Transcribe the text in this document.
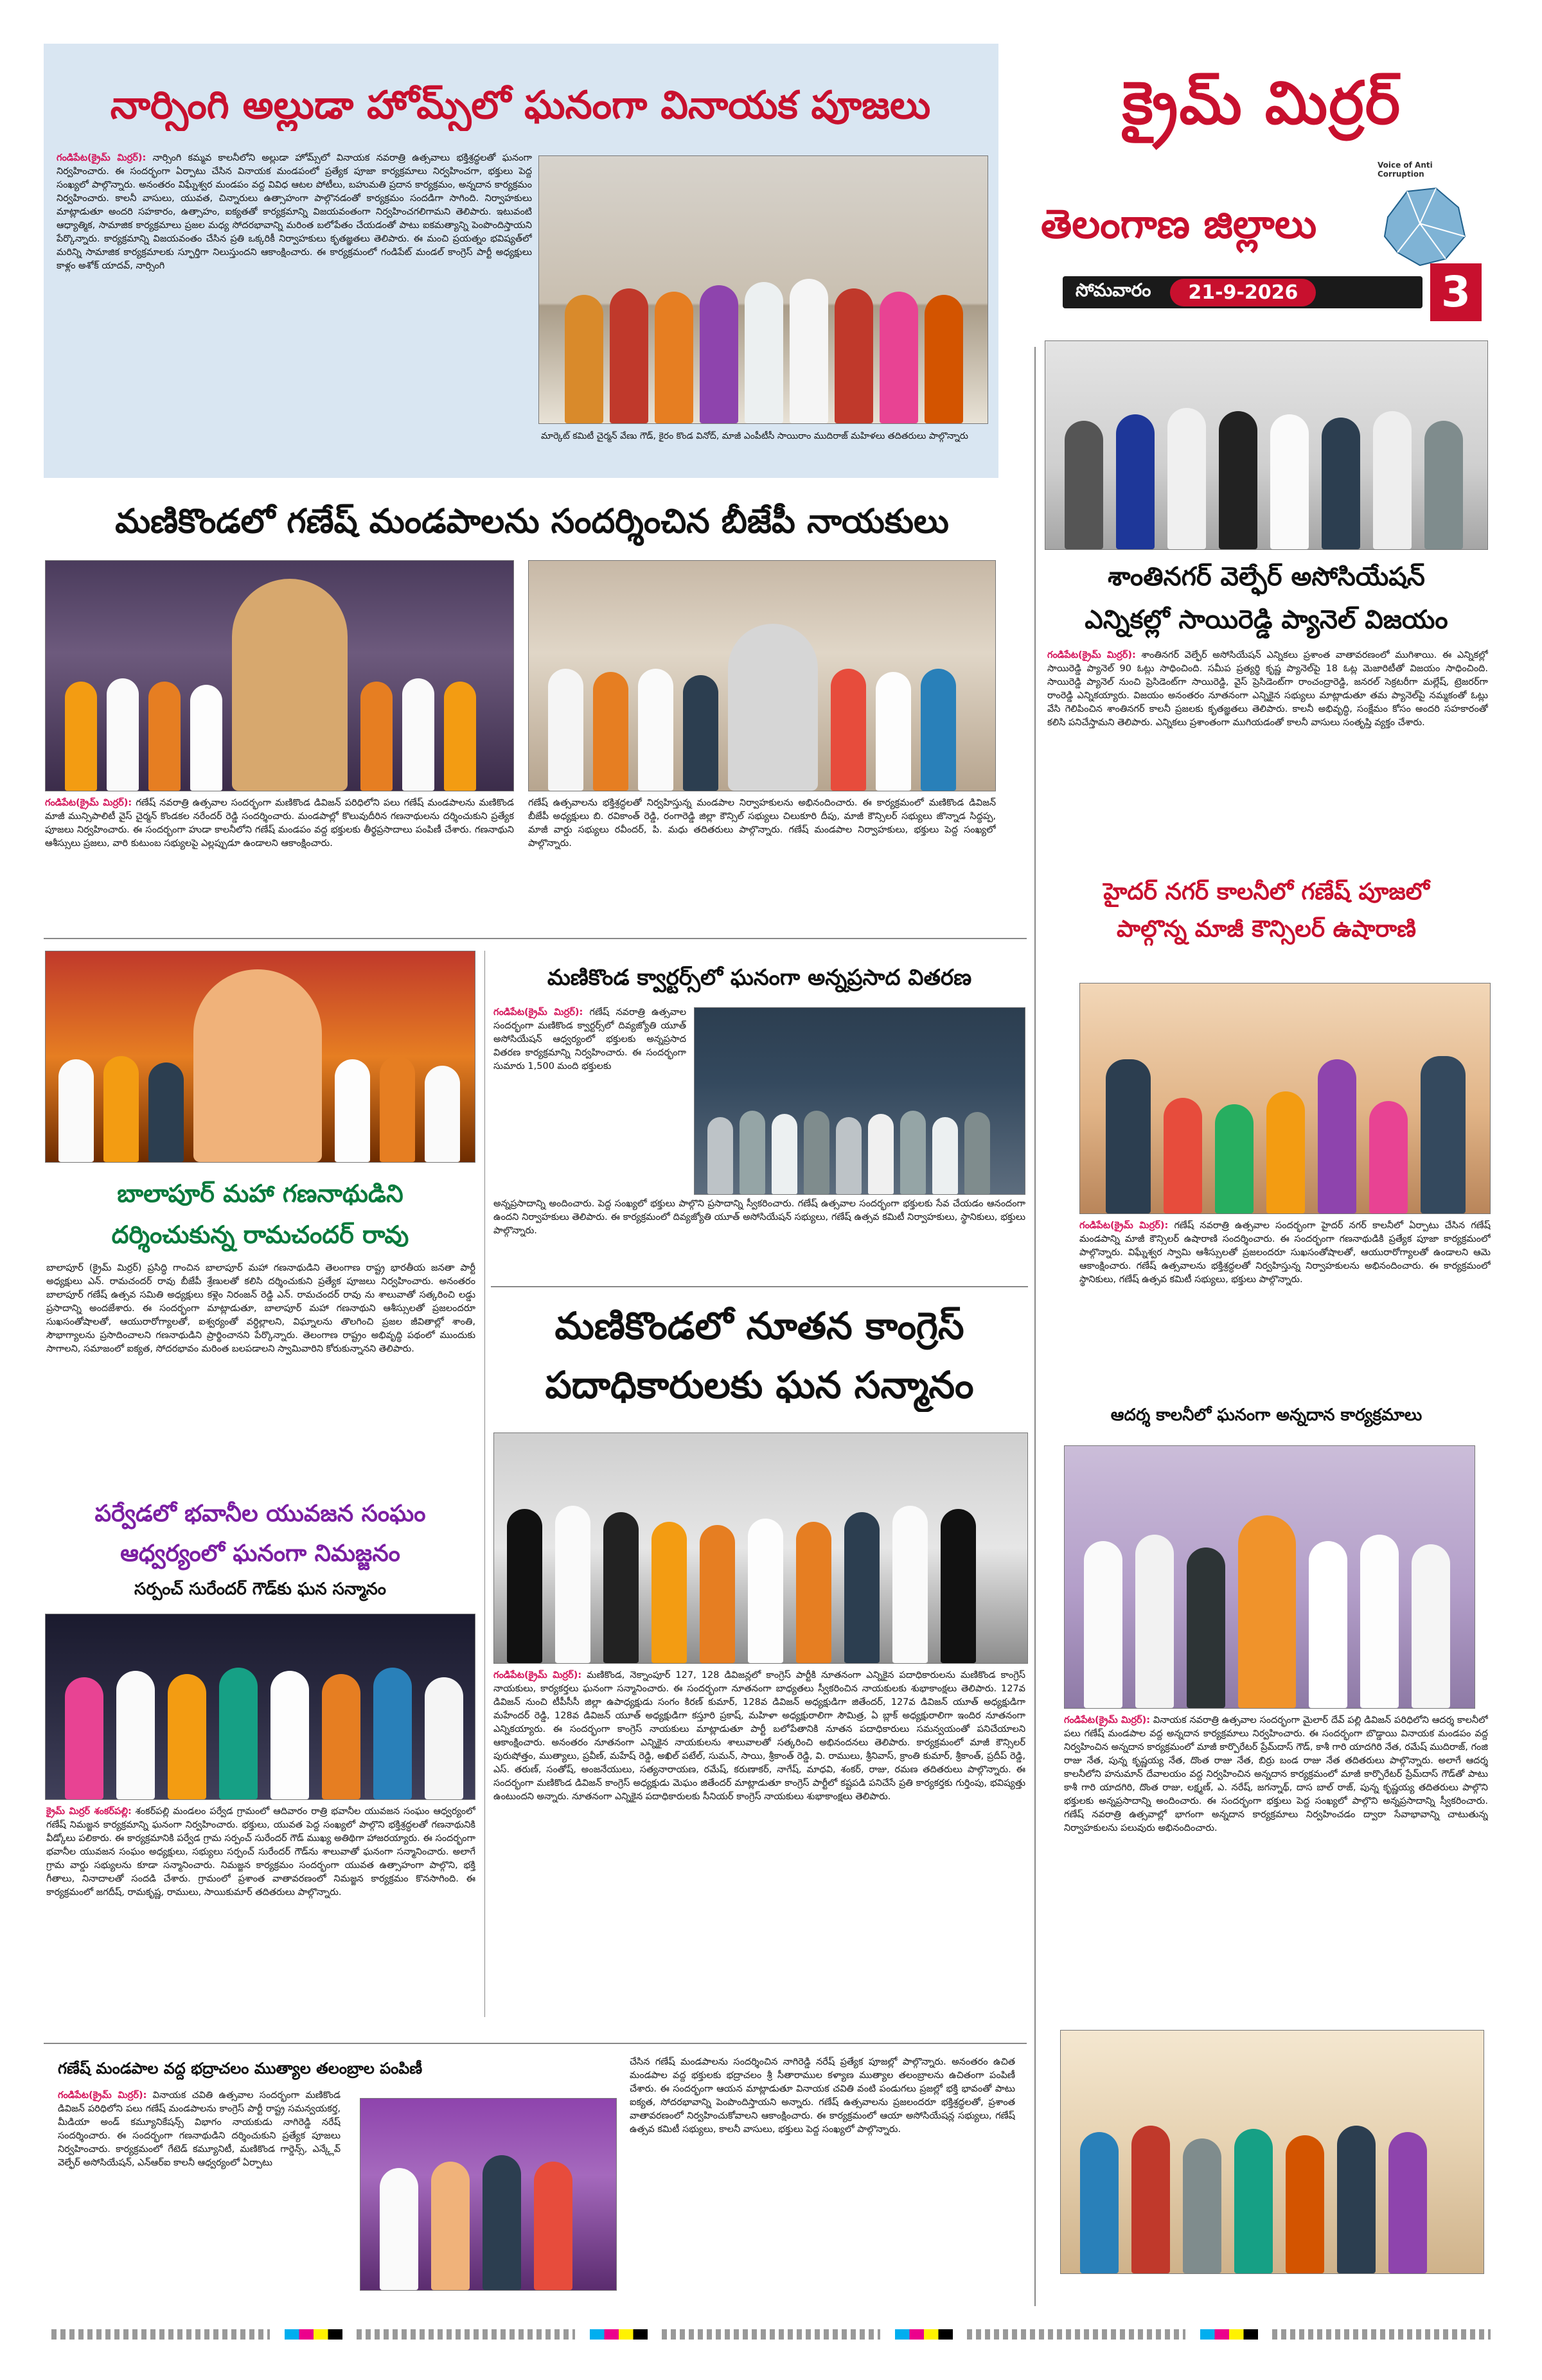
నార్సింగి అల్లుడా హోమ్స్‌లో ఘనంగా వినాయక పూజలు
గండిపేట(క్రైమ్ మిర్రర్): నార్సింగి కమ్మవ కాలనీలోని అల్లుడా హోమ్స్‌లో వినాయక నవరాత్రి ఉత్సవాలు భక్తిశ్రద్ధలతో ఘనంగా నిర్వహించారు. ఈ సందర్భంగా ఏర్పాటు చేసిన వినాయక మండపంలో ప్రత్యేక పూజా కార్యక్రమాలు నిర్వహించగా, భక్తులు పెద్ద సంఖ్యలో పాల్గొన్నారు. అనంతరం విఘ్నేశ్వర మండపం వద్ద వివిధ ఆటల పోటీలు, బహుమతి ప్రదాన కార్యక్రమం, అన్నదాన కార్యక్రమం నిర్వహించారు. కాలనీ వాసులు, యువత, చిన్నారులు ఉత్సాహంగా పాల్గొనడంతో కార్యక్రమం సందడిగా సాగింది. నిర్వాహకులు మాట్లాడుతూ అందరి సహకారం, ఉత్సాహం, ఐక్యతతో కార్యక్రమాన్ని విజయవంతంగా నిర్వహించగలిగామని తెలిపారు. ఇటువంటి ఆధ్యాత్మిక, సామాజిక కార్యక్రమాలు ప్రజల మధ్య సోదరభావాన్ని మరింత బలోపేతం చేయడంతో పాటు ఐకమత్యాన్ని పెంపొందిస్తాయని పేర్కొన్నారు. కార్యక్రమాన్ని విజయవంతం చేసిన ప్రతి ఒక్కరికీ నిర్వాహకులు కృతజ్ఞతలు తెలిపారు. ఈ మంచి ప్రయత్నం భవిష్యత్‌లో మరిన్ని సామాజిక కార్యక్రమాలకు స్ఫూర్తిగా నిలుస్తుందని ఆకాంక్షించారు. ఈ కార్యక్రమంలో గండిపేట్ మండల్ కాంగ్రెస్ పార్టీ అధ్యక్షులు కాళ్లం అశోక్ యాదవ్, నార్సింగి
మార్కెట్ కమిటీ చైర్మన్ వేణు గౌడ్, కైరం కొండ వినోద్, మాజీ ఎంపీటీసీ సాయిరాం ముదిరాజ్ మహిళలు తదితరులు పాల్గొన్నారు
క్రైమ్ మిర్రర్
Voice of Anti Corruption
తెలంగాణ జిల్లాలు
సోమవారం	21-9-2026	3
శాంతినగర్ వెల్ఫేర్ అసోసియేషన్
ఎన్నికల్లో సాయిరెడ్డి ప్యానెల్ విజయం
గండిపేట(క్రైమ్ మిర్రర్): శాంతినగర్ వెల్ఫేర్ అసోసియేషన్ ఎన్నికలు ప్రశాంత వాతావరణంలో ముగిశాయి. ఈ ఎన్నికల్లో సాయిరెడ్డి ప్యానెల్ 90 ఓట్లు సాధించింది. సమీప ప్రత్యర్థి కృష్ణ ప్యానెల్‌పై 18 ఓట్ల మెజారిటీతో విజయం సాధించింది. సాయిరెడ్డి ప్యానెల్ నుంచి ప్రెసిడెంట్‌గా సాయిరెడ్డి, వైస్ ప్రెసిడెంట్‌గా రాంచంద్రారెడ్డి, జనరల్ సెక్రటరీగా మల్లేష్, ట్రెజరర్‌గా రాంరెడ్డి ఎన్నికయ్యారు. విజయం అనంతరం నూతనంగా ఎన్నికైన సభ్యులు మాట్లాడుతూ తమ ప్యానెల్‌పై నమ్మకంతో ఓట్లు వేసి గెలిపించిన శాంతినగర్ కాలనీ ప్రజలకు కృతజ్ఞతలు తెలిపారు. కాలనీ అభివృద్ధి, సంక్షేమం కోసం అందరి సహకారంతో కలిసి పనిచేస్తామని తెలిపారు. ఎన్నికలు ప్రశాంతంగా ముగియడంతో కాలనీ వాసులు సంతృప్తి వ్యక్తం చేశారు.
హైదర్ నగర్ కాలనీలో గణేష్ పూజలో
పాల్గొన్న మాజీ కౌన్సిలర్ ఉషారాణి
గండిపేట(క్రైమ్ మిర్రర్): గణేష్ నవరాత్రి ఉత్సవాల సందర్భంగా హైదర్ నగర్ కాలనీలో ఏర్పాటు చేసిన గణేష్ మండపాన్ని మాజీ కౌన్సిలర్ ఉషారాణి సందర్శించారు. ఈ సందర్భంగా గణనాథుడికి ప్రత్యేక పూజా కార్యక్రమంలో పాల్గొన్నారు. విఘ్నేశ్వర స్వామి ఆశీస్సులతో ప్రజలందరూ సుఖసంతోషాలతో, ఆయురారోగ్యాలతో ఉండాలని ఆమె ఆకాంక్షించారు. గణేష్ ఉత్సవాలను భక్తిశ్రద్ధలతో నిర్వహిస్తున్న నిర్వాహకులను అభినందించారు. ఈ కార్యక్రమంలో స్థానికులు, గణేష్ ఉత్సవ కమిటీ సభ్యులు, భక్తులు పాల్గొన్నారు.
ఆదర్శ కాలనీలో ఘనంగా అన్నదాన కార్యక్రమాలు
గండిపేట(క్రైమ్ మిర్రర్): వినాయక నవరాత్రి ఉత్సవాల సందర్భంగా మైలార్ దేవ్ పల్లి డివిజన్ పరిధిలోని ఆదర్శ కాలనీలో పలు గణేష్ మండపాల వద్ద అన్నదాన కార్యక్రమాలు నిర్వహించారు. ఈ సందర్భంగా బొడ్డాయి వినాయక మండపం వద్ద నిర్వహించిన అన్నదాన కార్యక్రమంలో మాజీ కార్పొరేటర్ ప్రేమ్‌దాస్ గౌడ్, కాశీ గారి యాదగిరి నేత, రమేష్ ముదిరాజ్, గంజి రాజు నేత, పున్న కృష్ణయ్య నేత, దొంత రాజు నేత, బిర్రు బండ రాజు నేత తదితరులు పాల్గొన్నారు. అలాగే ఆదర్శ కాలనీలోని హనుమాన్ దేవాలయం వద్ద నిర్వహించిన అన్నదాన కార్యక్రమంలో మాజీ కార్పొరేటర్ ప్రేమ్‌దాస్ గౌడ్‌తో పాటు కాశీ గారి యాదగిరి, దొంత రాజు, లక్ష్మణ్, ఎ. నరేష్, జగన్నాథ్, దాస బాల్ రాజ్, పున్న కృష్ణయ్య తదితరులు పాల్గొని భక్తులకు అన్నప్రసాదాన్ని అందించారు. ఈ సందర్భంగా భక్తులు పెద్ద సంఖ్యలో పాల్గొని అన్నప్రసాదాన్ని స్వీకరించారు. గణేష్ నవరాత్రి ఉత్సవాల్లో భాగంగా అన్నదాన కార్యక్రమాలు నిర్వహించడం ద్వారా సేవాభావాన్ని చాటుతున్న నిర్వాహకులను పలువురు అభినందించారు.
మణికొండలో గణేష్ మండపాలను సందర్శించిన బీజేపీ నాయకులు
గండిపేట(క్రైమ్ మిర్రర్): గణేష్ నవరాత్రి ఉత్సవాల సందర్భంగా మణికొండ డివిజన్ పరిధిలోని పలు గణేష్ మండపాలను మణికొండ మాజీ మున్సిపాలిటీ వైస్ చైర్మన్ కొండకల నరేందర్ రెడ్డి సందర్శించారు. మండపాల్లో కొలువుదీరిన గణనాథులను దర్శించుకుని ప్రత్యేక పూజలు నిర్వహించారు. ఈ సందర్భంగా హుడా కాలనీలోని గణేష్ మండపం వద్ద భక్తులకు తీర్థప్రసాదాలు పంపిణీ చేశారు. గణనాథుని ఆశీస్సులు ప్రజలు, వారి కుటుంబ సభ్యులపై ఎల్లప్పుడూ ఉండాలని ఆకాంక్షించారు.
గణేష్ ఉత్సవాలను భక్తిశ్రద్ధలతో నిర్వహిస్తున్న మండపాల నిర్వాహకులను అభినందించారు. ఈ కార్యక్రమంలో మణికొండ డివిజన్ బీజేపీ అధ్యక్షులు బి. రవికాంత్ రెడ్డి, రంగారెడ్డి జిల్లా కౌన్సిల్ సభ్యులు చిలుకూరి దీపు, మాజీ కౌన్సిలర్ సభ్యులు జొన్నాడ సిద్ధప్ప, మాజీ వార్డు సభ్యులు రవీందర్, పి. మధు తదితరులు పాల్గొన్నారు. గణేష్ మండపాల నిర్వాహకులు, భక్తులు పెద్ద సంఖ్యలో పాల్గొన్నారు.
బాలాపూర్ మహా గణనాథుడిని
దర్శించుకున్న రామచందర్ రావు
బాలాపూర్ (క్రైమ్ మిర్రర్) ప్రసిద్ధి గాంచిన బాలాపూర్ మహా గణనాథుడిని తెలంగాణ రాష్ట్ర భారతీయ జనతా పార్టీ అధ్యక్షులు ఎన్. రామచందర్ రావు బీజేపీ శ్రేణులతో కలిసి దర్శించుకుని ప్రత్యేక పూజలు నిర్వహించారు. అనంతరం బాలాపూర్ గణేష్ ఉత్సవ సమితి అధ్యక్షులు కళ్లెం నిరంజన్ రెడ్డి ఎన్. రామచందర్ రావు ను శాలువాతో సత్కరించి లడ్డు ప్రసాదాన్ని అందజేశారు. ఈ సందర్భంగా మాట్లాడుతూ, బాలాపూర్ మహా గణనాథుని ఆశీస్సులతో ప్రజలందరూ సుఖసంతోషాలతో, ఆయురారోగ్యాలతో, ఐశ్వర్యంతో వర్ధిల్లాలని, విఘ్నాలను తొలగించి ప్రజల జీవితాల్లో శాంతి, సౌభాగ్యాలను ప్రసాదించాలని గణనాథుడిని ప్రార్థించానని పేర్కొన్నారు. తెలంగాణ రాష్ట్రం అభివృద్ధి పథంలో ముందుకు సాగాలని, సమాజంలో ఐక్యత, సోదరభావం మరింత బలపడాలని స్వామివారిని కోరుకున్నానని తెలిపారు.
పర్వేడలో భవానీల యువజన సంఘం
ఆధ్వర్యంలో ఘనంగా నిమజ్జనం
సర్పంచ్ సురేందర్ గౌడ్‌కు ఘన సన్మానం
క్రైమ్ మిర్రర్ శంకర్‌పల్లి: శంకర్‌పల్లి మండలం పర్వేడ గ్రామంలో ఆదివారం రాత్రి భవానీల యువజన సంఘం ఆధ్వర్యంలో గణేష్ నిమజ్జన కార్యక్రమాన్ని ఘనంగా నిర్వహించారు. భక్తులు, యువత పెద్ద సంఖ్యలో పాల్గొని భక్తిశ్రద్ధలతో గణనాథునికి వీడ్కోలు పలికారు. ఈ కార్యక్రమానికి పర్వేడ గ్రామ సర్పంచ్ సురేందర్ గౌడ్ ముఖ్య అతిథిగా హాజరయ్యారు. ఈ సందర్భంగా భవానీల యువజన సంఘం అధ్యక్షులు, సభ్యులు సర్పంచ్ సురేందర్ గౌడ్‌ను శాలువాతో ఘనంగా సన్మానించారు. అలాగే గ్రామ వార్డు సభ్యులను కూడా సన్మానించారు. నిమజ్జన కార్యక్రమం సందర్భంగా యువత ఉత్సాహంగా పాల్గొని, భక్తి గీతాలు, నినాదాలతో సందడి చేశారు. గ్రామంలో ప్రశాంత వాతావరణంలో నిమజ్జన కార్యక్రమం కొనసాగింది. ఈ కార్యక్రమంలో జగదీష్, రామకృష్ణ, రాములు, సాయికుమార్ తదితరులు పాల్గొన్నారు.
మణికొండ క్వార్టర్స్‌లో ఘనంగా అన్నప్రసాద వితరణ
గండిపేట(క్రైమ్ మిర్రర్): గణేష్ నవరాత్రి ఉత్సవాల సందర్భంగా మణికొండ క్వార్టర్స్‌లో దివ్యజ్యోతి యూత్ అసోసియేషన్ ఆధ్వర్యంలో భక్తులకు అన్నప్రసాద వితరణ కార్యక్రమాన్ని నిర్వహించారు. ఈ సందర్భంగా సుమారు 1,500 మంది భక్తులకు
అన్నప్రసాదాన్ని అందించారు. పెద్ద సంఖ్యలో భక్తులు పాల్గొని ప్రసాదాన్ని స్వీకరించారు. గణేష్ ఉత్సవాల సందర్భంగా భక్తులకు సేవ చేయడం ఆనందంగా ఉందని నిర్వాహకులు తెలిపారు. ఈ కార్యక్రమంలో దివ్యజ్యోతి యూత్ అసోసియేషన్ సభ్యులు, గణేష్ ఉత్సవ కమిటీ నిర్వాహకులు, స్థానికులు, భక్తులు పాల్గొన్నారు.
మణికొండలో నూతన కాంగ్రెస్
పదాధికారులకు ఘన సన్మానం
గండిపేట(క్రైమ్ మిర్రర్): మణికొండ, నెక్నాంపూర్ 127, 128 డివిజన్లలో కాంగ్రెస్ పార్టీకి నూతనంగా ఎన్నికైన పదాధికారులను మణికొండ కాంగ్రెస్ నాయకులు, కార్యకర్తలు ఘనంగా సన్మానించారు. ఈ సందర్భంగా నూతనంగా బాధ్యతలు స్వీకరించిన నాయకులకు శుభాకాంక్షలు తెలిపారు. 127వ డివిజన్ నుంచి టీపీసీసీ జిల్లా ఉపాధ్యక్షుడు సంగం కిరణ్ కుమార్, 128వ డివిజన్ అధ్యక్షుడిగా జితేందర్, 127వ డివిజన్ యూత్ అధ్యక్షుడిగా మహేందర్ రెడ్డి, 128వ డివిజన్ యూత్ అధ్యక్షుడిగా కస్తూరి ప్రకాష్, మహిళా అధ్యక్షురాలిగా సౌమిత్ర, ఏ బ్లాక్ అధ్యక్షురాలిగా ఇందిర నూతనంగా ఎన్నికయ్యారు. ఈ సందర్భంగా కాంగ్రెస్ నాయకులు మాట్లాడుతూ పార్టీ బలోపేతానికి నూతన పదాధికారులు సమన్వయంతో పనిచేయాలని ఆకాంక్షించారు. అనంతరం నూతనంగా ఎన్నికైన నాయకులను శాలువాలతో సత్కరించి అభినందనలు తెలిపారు. కార్యక్రమంలో మాజీ కౌన్సిలర్ పురుషోత్తం, ముత్యాలు, ప్రవీణ్, మహేష్ రెడ్డి, అఖిల్ పటేల్, సుమన్, సాయి, శ్రీకాంత్ రెడ్డి, వి. రాములు, శ్రీనివాస్, క్రాంతి కుమార్, శ్రీకాంత్, ప్రదీప్ రెడ్డి, ఎస్. తరుణ్, సంతోష్, అంజనేయులు, సత్యనారాయణ, రమేష్, కరుణాకర్, నాగేష్, మాధవి, శంకర్, రాజు, రమణ తదితరులు పాల్గొన్నారు. ఈ సందర్భంగా మణికొండ డివిజన్ కాంగ్రెస్ అధ్యక్షుడు మెఘం జితేందర్ మాట్లాడుతూ కాంగ్రెస్ పార్టీలో కష్టపడి పనిచేసే ప్రతి కార్యకర్తకు గుర్తింపు, భవిష్యత్తు ఉంటుందని అన్నారు. నూతనంగా ఎన్నికైన పదాధికారులకు సీనియర్ కాంగ్రెస్ నాయకులు శుభాకాంక్షలు తెలిపారు.
గణేష్ మండపాల వద్ద భద్రాచలం ముత్యాల తలంబ్రాల పంపిణీ
గండిపేట(క్రైమ్ మిర్రర్): వినాయక చవితి ఉత్సవాల సందర్భంగా మణికొండ డివిజన్ పరిధిలోని పలు గణేష్ మండపాలను కాంగ్రెస్ పార్టీ రాష్ట్ర సమన్వయకర్త, మీడియా అండ్ కమ్యూనికేషన్స్ విభాగం నాయకుడు నాగిరెడ్డి నరేష్ సందర్శించారు. ఈ సందర్భంగా గణనాథుడిని దర్శించుకుని ప్రత్యేక పూజలు నిర్వహించారు. కార్యక్రమంలో గేటెడ్ కమ్యూనిటీ, మణికొండ గార్డెన్స్, ఎన్క్లేవ్ వెల్ఫేర్ అసోసియేషన్, ఎన్ఆర్‌ఐ కాలనీ ఆధ్వర్యంలో ఏర్పాటు
చేసిన గణేష్ మండపాలను సందర్శించిన నాగిరెడ్డి నరేష్ ప్రత్యేక పూజల్లో పాల్గొన్నారు. అనంతరం ఉచిత మండపాల వద్ద భక్తులకు భద్రాచలం శ్రీ సీతారాముల కళ్యాణ ముత్యాల తలంబ్రాలను ఉచితంగా పంపిణీ చేశారు. ఈ సందర్భంగా ఆయన మాట్లాడుతూ వినాయక చవితి వంటి పండుగలు ప్రజల్లో భక్తి భావంతో పాటు ఐక్యత, సోదరభావాన్ని పెంపొందిస్తాయని అన్నారు. గణేష్ ఉత్సవాలను ప్రజలందరూ భక్తిశ్రద్ధలతో, ప్రశాంత వాతావరణంలో నిర్వహించుకోవాలని ఆకాంక్షించారు. ఈ కార్యక్రమంలో ఆయా అసోసియేషన్ల సభ్యులు, గణేష్ ఉత్సవ కమిటీ సభ్యులు, కాలనీ వాసులు, భక్తులు పెద్ద సంఖ్యలో పాల్గొన్నారు.
